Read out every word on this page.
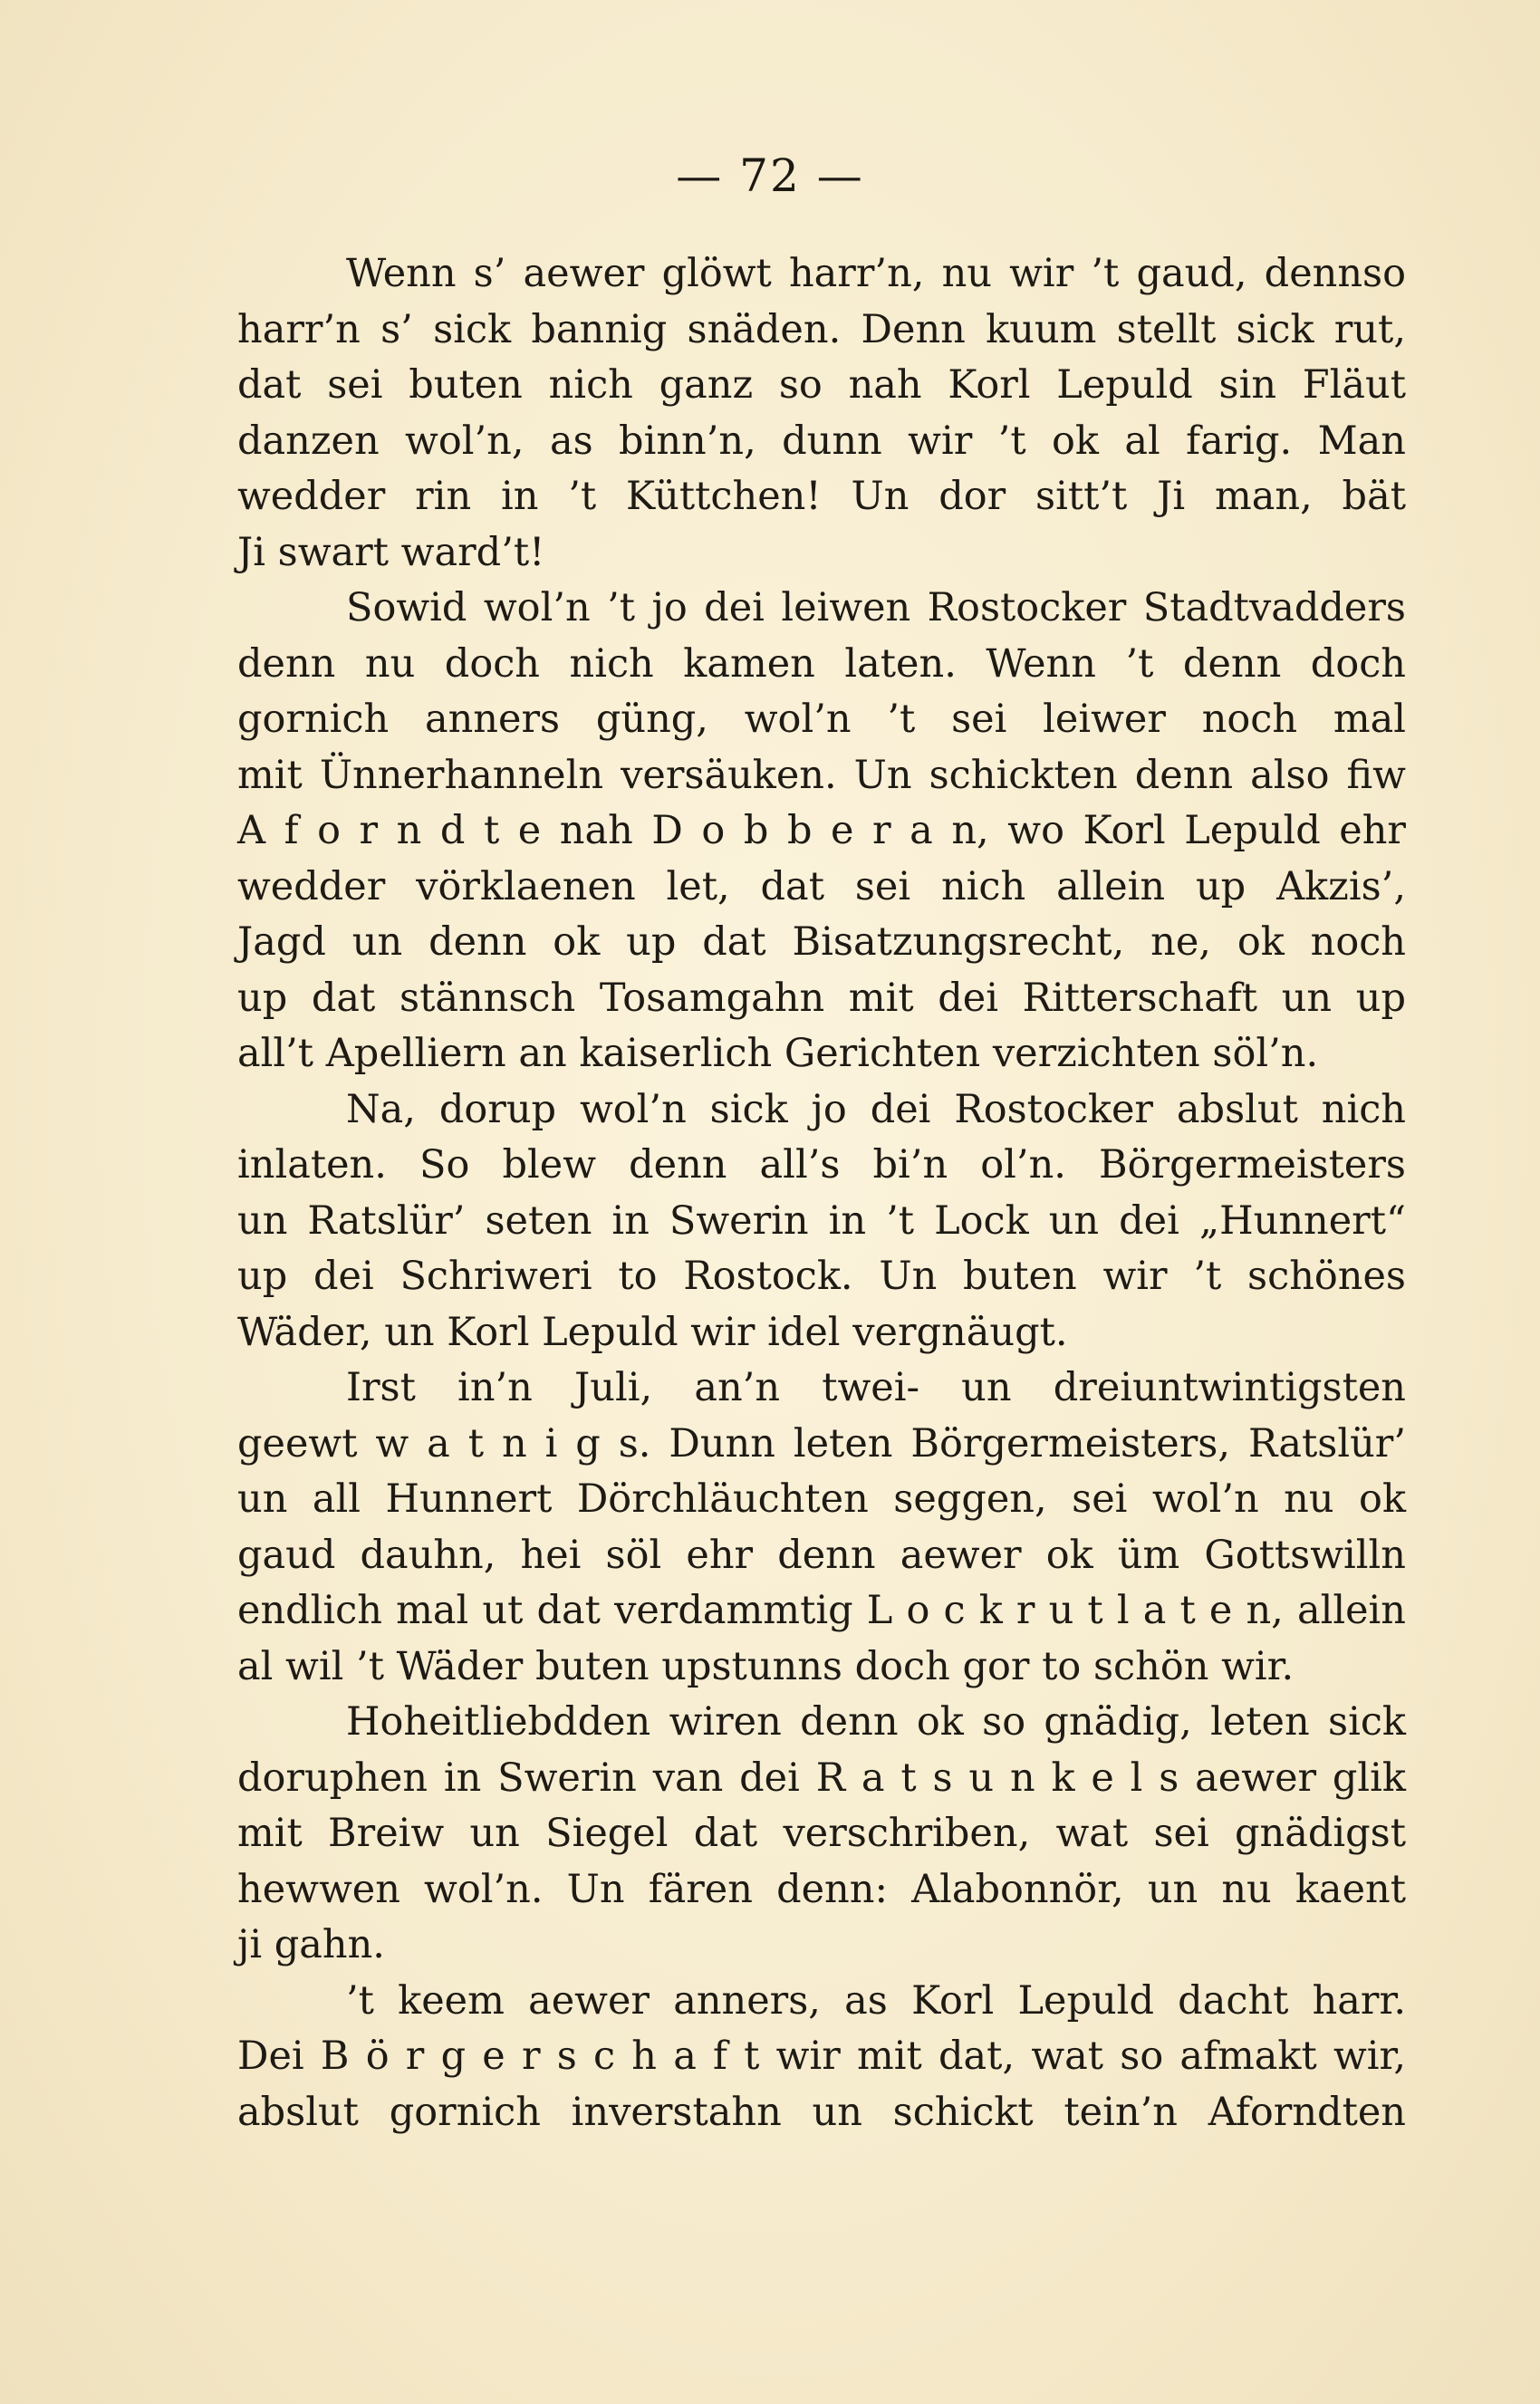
— 72 —
Wenn s’ aewer glöwt harr’n, nu wir ’t gaud, dennso
harr’n s’ sick bannig snäden. Denn kuum stellt sick rut,
dat sei buten nich ganz so nah Korl Lepuld sin Fläut
danzen wol’n, as binn’n, dunn wir ’t ok al farig. Man
wedder rin in ’t Küttchen! Un dor sitt’t Ji man, bät
Ji swart ward’t!
Sowid wol’n ’t jo dei leiwen Rostocker Stadtvadders
denn nu doch nich kamen laten. Wenn ’t denn doch
gornich anners güng, wol’n ’t sei leiwer noch mal
mit Ünnerhanneln versäuken. Un schickten denn also fiw
A f o r n d t e nah D o b b e r a n, wo Korl Lepuld ehr
wedder vörklaenen let, dat sei nich allein up Akzis’,
Jagd un denn ok up dat Bisatzungsrecht, ne, ok noch
up dat stännsch Tosamgahn mit dei Ritterschaft un up
all’t Apelliern an kaiserlich Gerichten verzichten söl’n.
Na, dorup wol’n sick jo dei Rostocker abslut nich
inlaten. So blew denn all’s bi’n ol’n. Börgermeisters
un Ratslür’ seten in Swerin in ’t Lock un dei „Hunnert“
up dei Schriweri to Rostock. Un buten wir ’t schönes
Wäder, un Korl Lepuld wir idel vergnäugt.
Irst in’n Juli, an’n twei- un dreiuntwintigsten
geewt w a t n i g s. Dunn leten Börgermeisters, Ratslür’
un all Hunnert Dörchläuchten seggen, sei wol’n nu ok
gaud dauhn, hei söl ehr denn aewer ok üm Gottswilln
endlich mal ut dat verdammtig L o c k r u t l a t e n, allein
al wil ’t Wäder buten upstunns doch gor to schön wir.
Hoheitliebdden wiren denn ok so gnädig, leten sick
doruphen in Swerin van dei R a t s u n k e l s aewer glik
mit Breiw un Siegel dat verschriben, wat sei gnädigst
hewwen wol’n. Un fären denn: Alabonnör, un nu kaent
ji gahn.
’t keem aewer anners, as Korl Lepuld dacht harr.
Dei B ö r g e r s c h a f t wir mit dat, wat so afmakt wir,
abslut gornich inverstahn un schickt tein’n Aforndten
